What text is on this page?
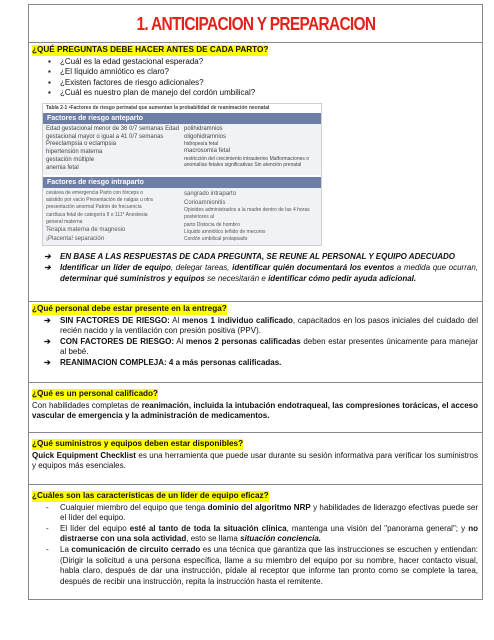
1. ANTICIPACION Y PREPARACION
¿QUÉ PREGUNTAS DEBE HACER ANTES DE CADA PARTO?
▪ ¿Cuál es la edad gestacional esperada?
▪ ¿El líquido amniótico es claro?
▪ ¿Existen factores de riesgo adicionales?
▪ ¿Cuál es nuestro plan de manejo del cordón umbilical?
Tabla 2-1 •Factores de riesgo perinatal que aumentan la probabilidad de reanimación neonatal
Factores de riesgo anteparto
Edad gestacional menor de 36 0/7 semanas Edad
gestacional mayor o igual a 41 0/7 semanas
Preeclampsia o eclampsia
hipertensión materna
gestación múltiple
anemia fetal
polihidramnios
oligohidramnios
hidropesía fetal
macrosomía fetal
restricción del crecimiento intrauterino Malformaciones o
anomalías fetales significativas Sin atención prenatal
Factores de riesgo intraparto
cesárea de emergencia Parto con fórceps o
asistido por vacío Presentación de nalgas u otra
presentación anormal Patrón de frecuencia
cardíaca fetal de categoría II o 111* Anestesia
general materna
Terapia materna de magnesio
¡Placenta! separación
sangrado intraparto
Corioamnionitis
Opioides administrados a la madre dentro de las 4 horas posteriores al
parto Distocia de hombro
Líquido amniótico teñido de meconio
Cordón umbilical prolapsado
➔ EN BASE A LAS RESPUESTAS DE CADA PREGUNTA, SE REUNE AL PERSONAL Y EQUIPO ADECUADO
➔ Identificar un líder de equipo, delegar tareas, identificar quién documentará los eventos a medida que ocurran, determinar qué suministros y equipos se necesitarán e identificar cómo pedir ayuda adicional.
¿Qué personal debe estar presente en la entrega?
➔ SIN FACTORES DE RIESGO: Al menos 1 individuo calificado, capacitados en los pasos iniciales del cuidado del recién nacido y la ventilación con presión positiva (PPV).
➔ CON FACTORES DE RIESGO: Al menos 2 personas calificadas deben estar presentes únicamente para manejar al bebé.
➔ REANIMACION COMPLEJA: 4 a más personas calificadas.
¿Qué es un personal calificado?
Con habilidades completas de reanimación, incluida la intubación endotraqueal, las compresiones torácicas, el acceso vascular de emergencia y la administración de medicamentos.
¿Qué suministros y equipos deben estar disponibles?
Quick Equipment Checklist es una herramienta que puede usar durante su sesión informativa para verificar los suministros y equipos más esenciales.
¿Cuáles son las características de un líder de equipo eficaz?
- Cualquier miembro del equipo que tenga dominio del algoritmo NRP y habilidades de liderazgo efectivas puede ser el líder del equipo.
- El líder del equipo esté al tanto de toda la situación clínica, mantenga una visión del "panorama general"; y no distraerse con una sola actividad, esto se llama situación conciencia.
- La comunicación de circuito cerrado es una técnica que garantiza que las instrucciones se escuchen y entiendan: (Dirigir la solicitud a una persona específica, llame a su miembro del equipo por su nombre, hacer contacto visual, habla claro, después de dar una instrucción, pídale al receptor que informe tan pronto como se complete la tarea, después de recibir una instrucción, repita la instrucción hasta el remitente.
